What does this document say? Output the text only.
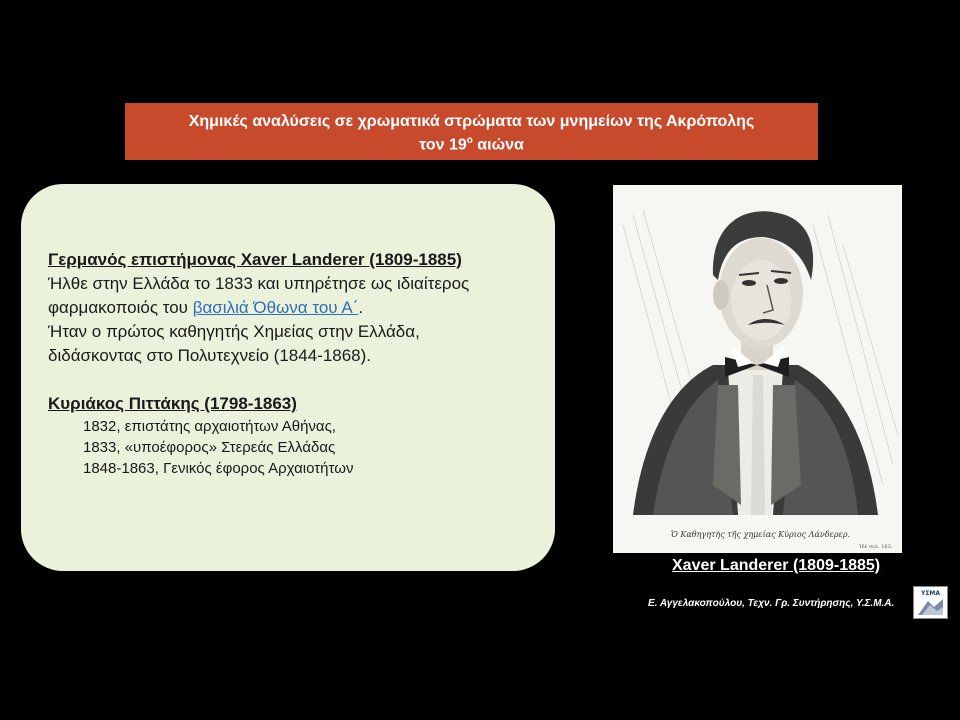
Χημικές αναλύσεις σε χρωματικά στρώματα των μνημείων της Ακρόπολης
τον $19^o$ αιώνα
Γερμανός επιστήμονας Xaver Landerer (1809-1885)
Ήλθε στην Ελλάδα το 1833 και υπηρέτησε ως ιδιαίτερος
φαρμακοποιός του βασιλιά Όθωνα του Α΄.
Ήταν ο πρώτος καθηγητής Χημείας στην Ελλάδα,
διδάσκοντας στο Πολυτεχνείο (1844-1868).
Κυριάκος Πιττάκης (1798-1863)
1832, επιστάτης αρχαιοτήτων Αθήνας,
1833, «υποέφορος» Στερεάς Ελλάδας
1848-1863, Γενικός έφορος Αρχαιοτήτων
Ὁ Καθηγητὴς τῆς χημείας Κύριος Λάνδερερ.
Ἰδὲ σελ. 163.
Xaver Landerer (1809-1885)
Ε. Αγγελακοπούλου, Τεχν. Γρ. Συντήρησης, Υ.Σ.Μ.Α.
ΥΣΜΑ
